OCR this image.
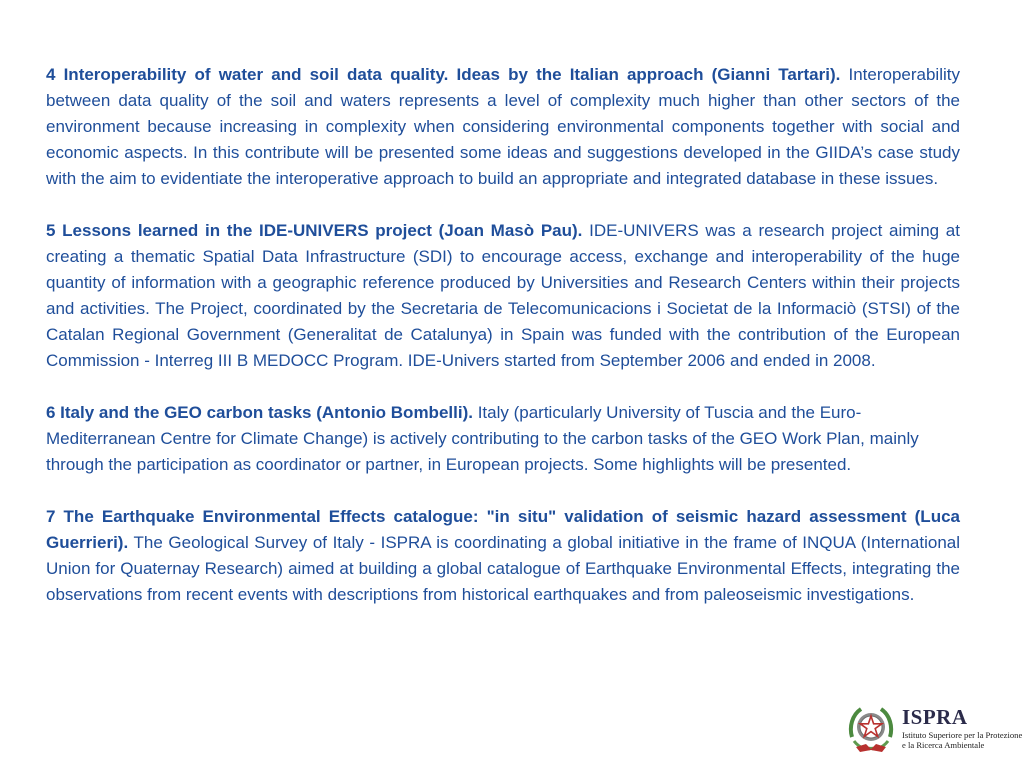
4 Interoperability of water and soil data quality. Ideas by the Italian approach (Gianni Tartari). Interoperability between data quality of the soil and waters represents a level of complexity much higher than other sectors of the environment because increasing in complexity when considering environmental components together with social and economic aspects. In this contribute will be presented some ideas and suggestions developed in the GIIDA’s case study with the aim to evidentiate the interoperative approach to build an appropriate and integrated database in these issues.

5 Lessons learned in the IDE-UNIVERS project (Joan Masò Pau). IDE-UNIVERS was a research project aiming at creating a thematic Spatial Data Infrastructure (SDI) to encourage access, exchange and interoperability of the huge quantity of information with a geographic reference produced by Universities and Research Centers within their projects and activities. The Project, coordinated by the Secretaria de Telecomunicacions i Societat de la Informaciò (STSI) of the Catalan Regional Government (Generalitat de Catalunya) in Spain was funded with the contribution of the European Commission - Interreg III B MEDOCC Program. IDE-Univers started from September 2006 and ended in 2008.

6 Italy and the GEO carbon tasks (Antonio Bombelli). Italy (particularly University of Tuscia and the Euro-Mediterranean Centre for Climate Change) is actively contributing to the carbon tasks of the GEO Work Plan, mainly through the participation as coordinator or partner, in European projects. Some highlights will be presented.

7 The Earthquake Environmental Effects catalogue: "in situ" validation of seismic hazard assessment (Luca Guerrieri). The Geological Survey of Italy - ISPRA is coordinating a global initiative in the frame of INQUA (International Union for Quaternay Research) aimed at building a global catalogue of Earthquake Environmental Effects, integrating the observations from recent events with descriptions from historical earthquakes and from paleoseismic investigations.

ISPRA
Istituto Superiore per la Protezione
e la Ricerca Ambientale
